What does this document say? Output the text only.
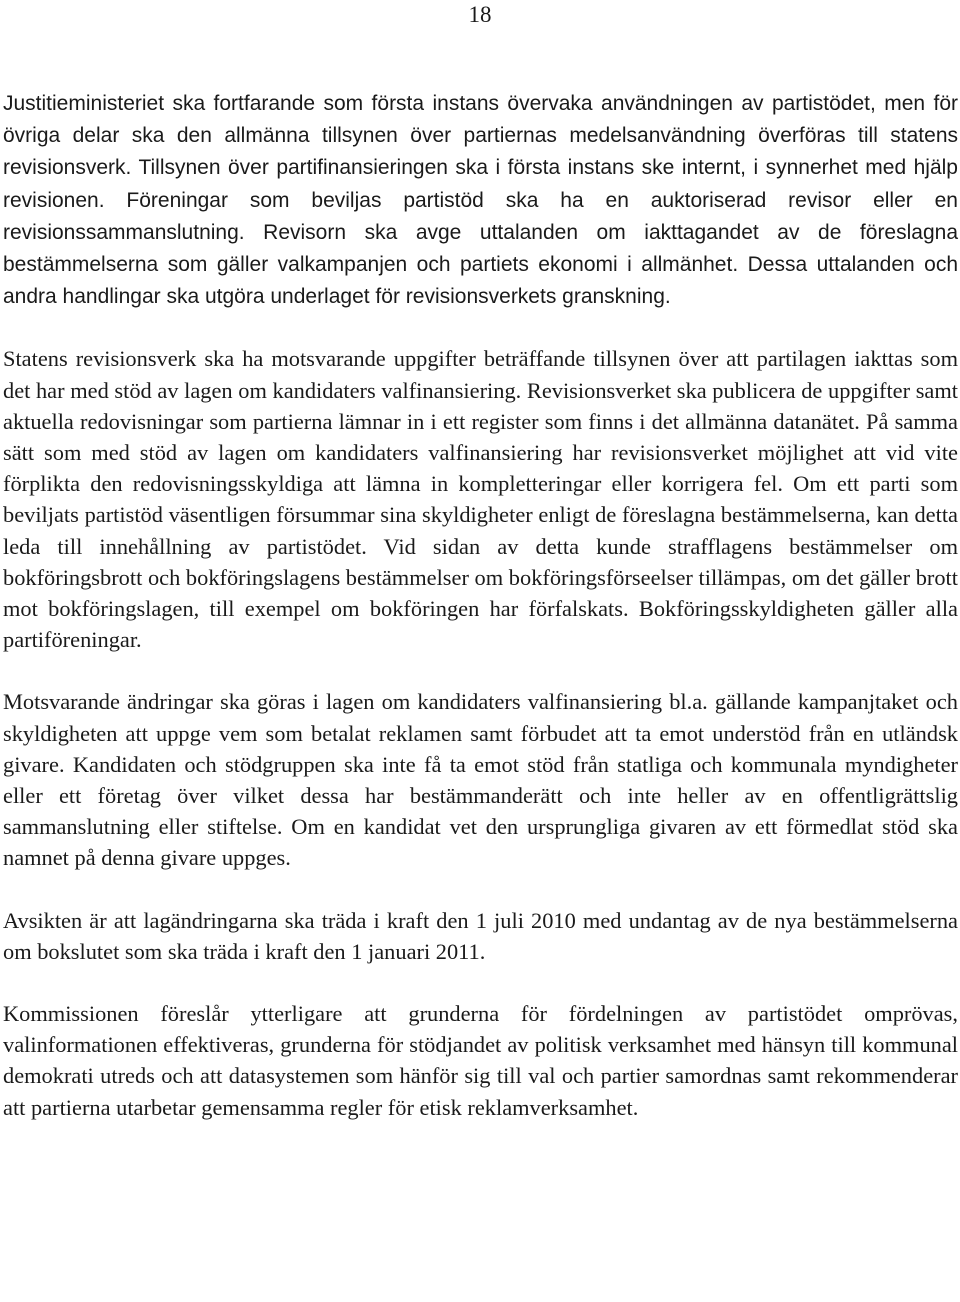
18

Justitieministeriet ska fortfarande som första instans övervaka användningen av partistödet, men för övriga delar ska den allmänna tillsynen över partiernas medelsanvändning överföras till statens revisionsverk. Tillsynen över partifinansieringen ska i första instans ske internt, i synnerhet med hjälp revisionen. Föreningar som beviljas partistöd ska ha en auktoriserad revisor eller en revisionssammanslutning. Revisorn ska avge uttalanden om iakttagandet av de föreslagna bestämmelserna som gäller valkampanjen och partiets ekonomi i allmänhet. Dessa uttalanden och andra handlingar ska utgöra underlaget för revisionsverkets granskning.

Statens revisionsverk ska ha motsvarande uppgifter beträffande tillsynen över att partilagen iakttas som det har med stöd av lagen om kandidaters valfinansiering. Revisionsverket ska publicera de uppgifter samt aktuella redovisningar som partierna lämnar in i ett register som finns i det allmänna datanätet. På samma sätt som med stöd av lagen om kandidaters valfinansiering har revisionsverket möjlighet att vid vite förplikta den redovisningsskyldiga att lämna in kompletteringar eller korrigera fel. Om ett parti som beviljats partistöd väsentligen försummar sina skyldigheter enligt de föreslagna bestämmelserna, kan detta leda till innehållning av partistödet. Vid sidan av detta kunde strafflagens bestämmelser om bokföringsbrott och bokföringslagens bestämmelser om bokföringsförseelser tillämpas, om det gäller brott mot bokföringslagen, till exempel om bokföringen har förfalskats. Bokföringsskyldigheten gäller alla partiföreningar.

Motsvarande ändringar ska göras i lagen om kandidaters valfinansiering bl.a. gällande kampanjtaket och skyldigheten att uppge vem som betalat reklamen samt förbudet att ta emot understöd från en utländsk givare. Kandidaten och stödgruppen ska inte få ta emot stöd från statliga och kommunala myndigheter eller ett företag över vilket dessa har bestämmanderätt och inte heller av en offentligrättslig sammanslutning eller stiftelse. Om en kandidat vet den ursprungliga givaren av ett förmedlat stöd ska namnet på denna givare uppges.

Avsikten är att lagändringarna ska träda i kraft den 1 juli 2010 med undantag av de nya bestämmelserna om bokslutet som ska träda i kraft den 1 januari 2011.

Kommissionen föreslår ytterligare att grunderna för fördelningen av partistödet omprövas, valinformationen effektiveras, grunderna för stödjandet av politisk verksamhet med hänsyn till kommunal demokrati utreds och att datasystemen som hänför sig till val och partier samordnas samt rekommenderar att partierna utarbetar gemensamma regler för etisk reklamverksamhet.
